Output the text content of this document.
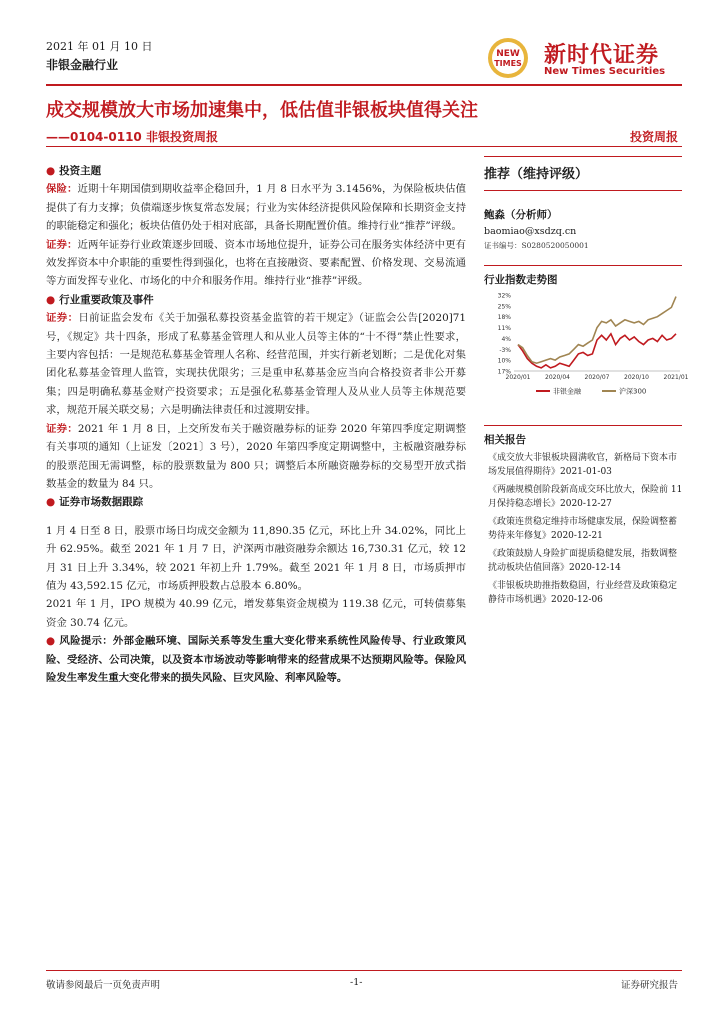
2021 年 01 月 10 日
非银金融行业
NEW
TIMES 新时代证券
New Times Securities
成交规模放大市场加速集中，低估值非银板块值得关注
——0104-0110 非银投资周报	投资周报
● 投资主题

保险：近期十年期国债到期收益率企稳回升，1 月 8 日水平为 3.1456%，为保险板块估值提供了有力支撑；负债端逐步恢复常态发展；行业为实体经济提供风险保障和长期资金支持的职能稳定和强化；板块估值仍处于相对底部，具备长期配置价值。维持行业“推荐”评级。

证券：近两年证券行业政策逐步回暖、资本市场地位提升，证券公司在服务实体经济中更有效发挥资本中介职能的重要性得到强化，也将在直接融资、要素配置、价格发现、交易流通等方面发挥专业化、市场化的中介和服务作用。维持行业“推荐”评级。

● 行业重要政策及事件

证券：日前证监会发布《关于加强私募投资基金监管的若干规定》（证监会公告[2020]71 号，《规定》共十四条，形成了私募基金管理人和从业人员等主体的“十不得”禁止性要求，主要内容包括：一是规范私募基金管理人名称、经营范围，并实行新老划断；二是优化对集团化私募基金管理人监管，实现扶优限劣；三是重申私募基金应当向合格投资者非公开募集；四是明确私募基金财产投资要求；五是强化私募基金管理人及从业人员等主体规范要求，规范开展关联交易；六是明确法律责任和过渡期安排。

证券：2021 年 1 月 8 日，上交所发布关于融资融券标的证券 2020 年第四季度定期调整有关事项的通知（上证发〔2021〕3 号），2020 年第四季度定期调整中，主板融资融券标的股票范围无需调整，标的股票数量为 800 只；调整后本所融资融券标的交易型开放式指数基金的数量为 84 只。

● 证券市场数据跟踪

1 月 4 日至 8 日，股票市场日均成交金额为 11,890.35 亿元，环比上升 34.02%，同比上升 62.95%。截至 2021 年 1 月 7 日，沪深两市融资融券余额达 16,730.31 亿元，较 12 月 31 日上升 3.34%，较 2021 年初上升 1.79%。截至 2021 年 1 月 8 日，市场质押市值为 43,592.15 亿元，市场质押股数占总股本 6.80%。

2021 年 1 月，IPO 规模为 40.99 亿元，增发募集资金规模为 119.38 亿元，可转债募集资金 30.74 亿元。

● 风险提示：外部金融环境、国际关系等发生重大变化带来系统性风险传导、行业政策风险、受经济、公司决策，以及资本市场波动等影响带来的经营成果不达预期风险等。保险风险发生率发生重大变化带来的损失风险、巨灾风险、利率风险等。

推荐（维持评级）
鲍淼（分析师）
baomiao@xsdzq.cn
证书编号：S0280520050001
行业指数走势图
32%
25%
18%
11%
4%
-3%
10%
17%
2020/01 2020/04 2020/07 2020/10 2021/01
非银金融	沪深300
相关报告
《成交放大非银板块圆满收官，新格局下资本市场发展值得期待》2021-01-03
《两融规模创阶段新高成交环比放大，保险前 11 月保持稳态增长》2020-12-27
《政策连贯稳定维持市场健康发展，保险调整蓄势待来年修复》2020-12-21
《政策鼓励人身险扩面提质稳健发展，指数调整扰动板块估值回落》2020-12-14
《非银板块助推指数稳固，行业经营及政策稳定静待市场机遇》2020-12-06
敬请参阅最后一页免责声明	-1-	证券研究报告
